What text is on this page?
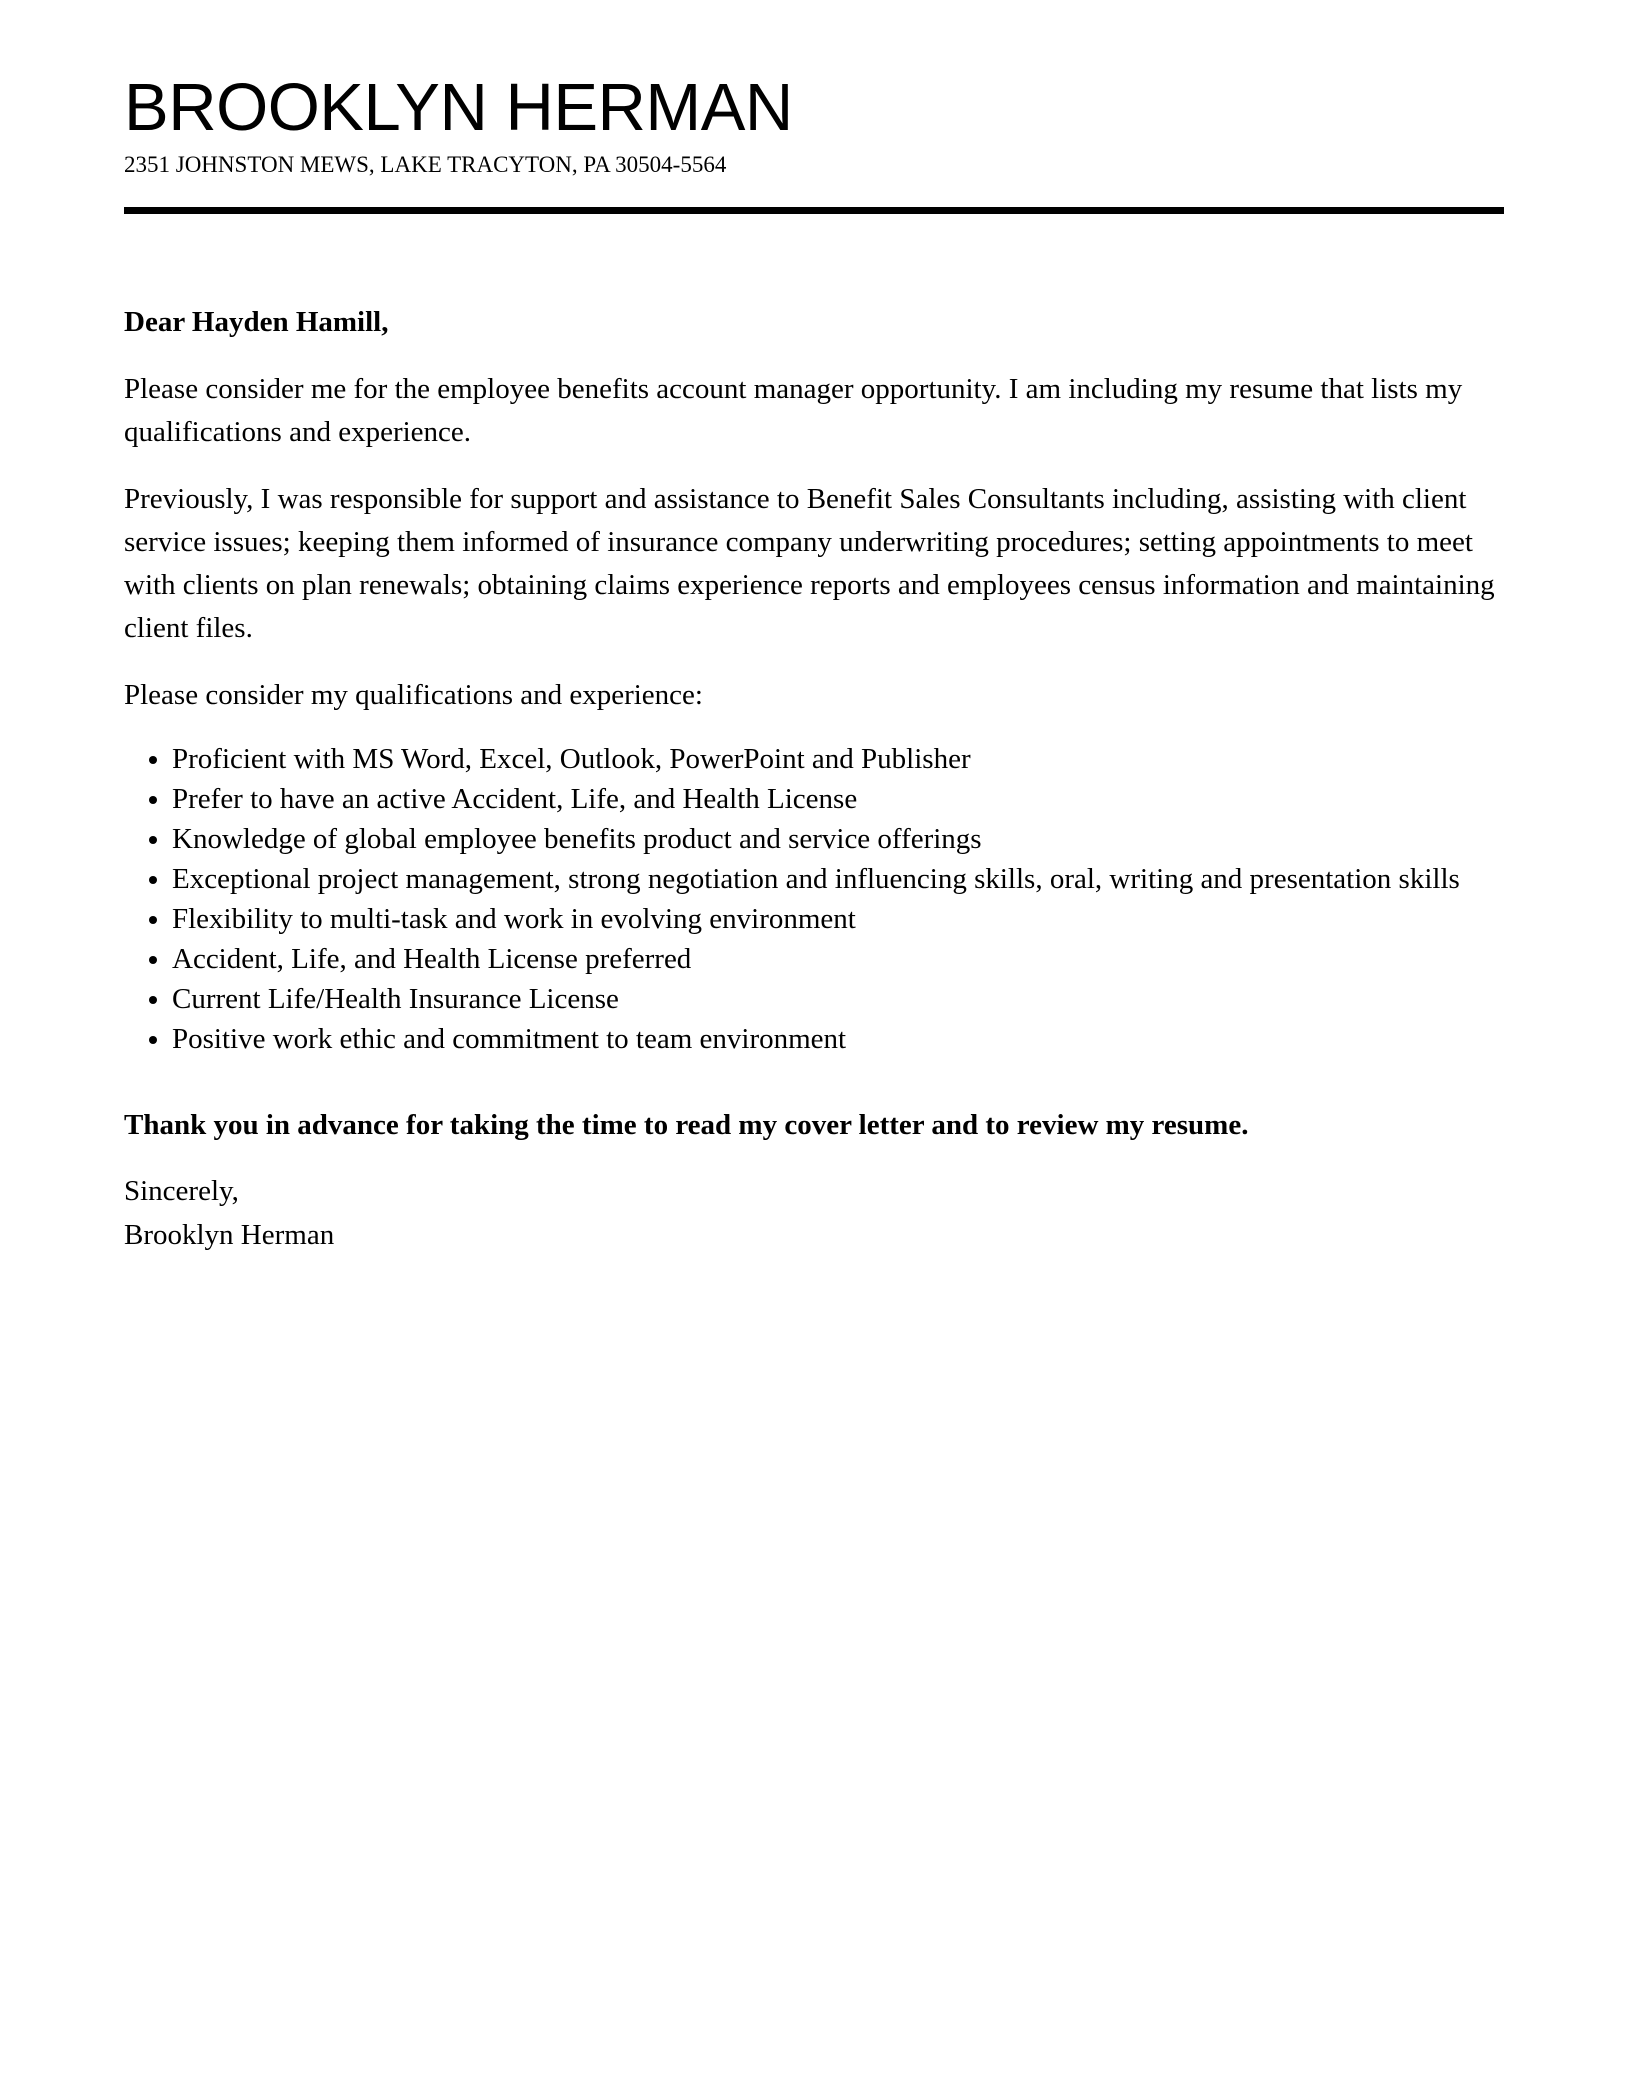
BROOKLYN HERMAN

2351 JOHNSTON MEWS, LAKE TRACYTON, PA 30504-5564

Dear Hayden Hamill,

Please consider me for the employee benefits account manager opportunity. I am including my resume that lists my qualifications and experience.

Previously, I was responsible for support and assistance to Benefit Sales Consultants including, assisting with client service issues; keeping them informed of insurance company underwriting procedures; setting appointments to meet with clients on plan renewals; obtaining claims experience reports and employees census information and maintaining client files.

Please consider my qualifications and experience:

• Proficient with MS Word, Excel, Outlook, PowerPoint and Publisher
• Prefer to have an active Accident, Life, and Health License
• Knowledge of global employee benefits product and service offerings
• Exceptional project management, strong negotiation and influencing skills, oral, writing and presentation skills
• Flexibility to multi-task and work in evolving environment
• Accident, Life, and Health License preferred
• Current Life/Health Insurance License
• Positive work ethic and commitment to team environment

Thank you in advance for taking the time to read my cover letter and to review my resume.

Sincerely,

Brooklyn Herman
